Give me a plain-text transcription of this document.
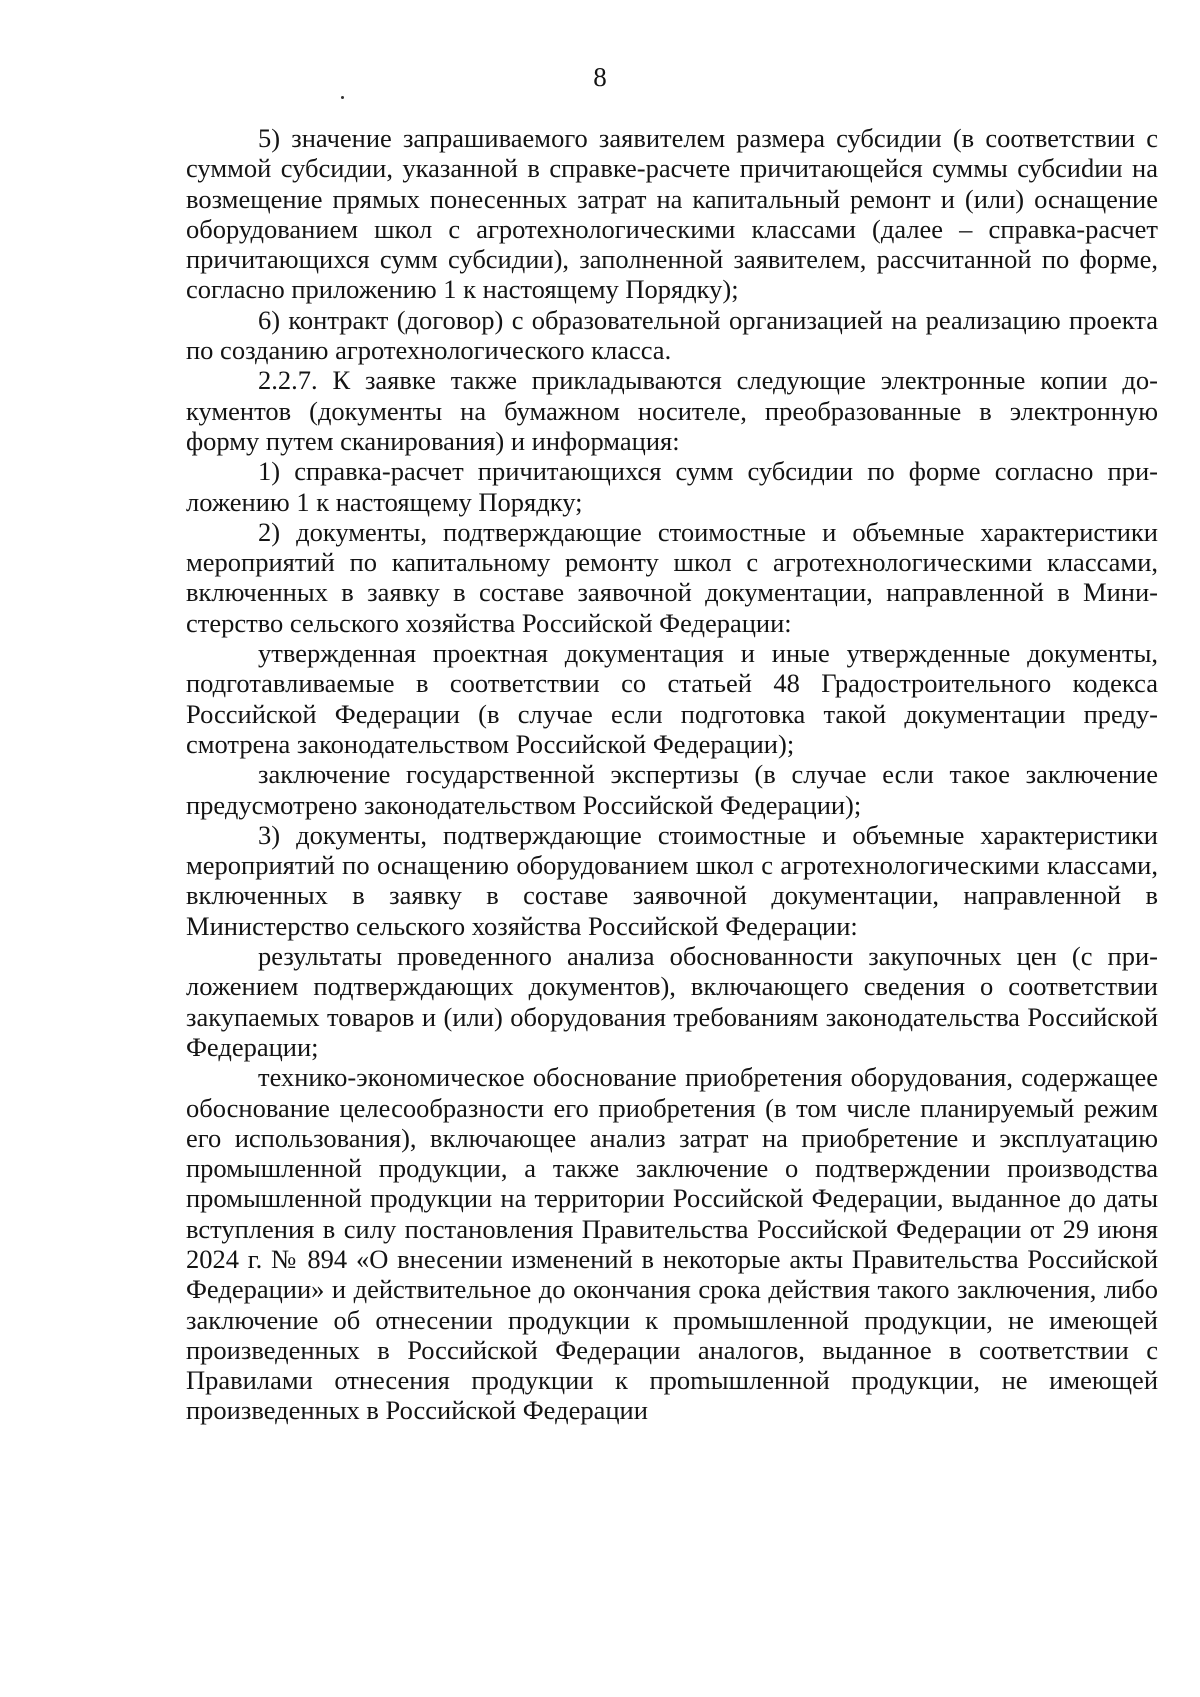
8

5) значение запрашиваемого заявителем размера субсидии (в соответствии с суммой субсидии, указанной в справке-расчете причитающейся суммы субсиdии на возмещение прямых понесенных затрат на капитальный ремонт и (или) оснащение оборудованием школ с агротехнологическими классами (далее – справка-расчет причитающихся сумм субсидии), заполненной заявителем, рассчитанной по форме, согласно приложению 1 к настоящему Порядку);

6) контракт (договор) с образовательной организацией на реализацию проекта по созданию агротехнологического класса.

2.2.7. К заявке также прикладываются следующие электронные копии документов (документы на бумажном носителе, преобразованные в электронную форму путем сканирования) и информация:

1) справка-расчет причитающихся сумм субсидии по форме согласно приложению 1 к настоящему Порядку;

2) документы, подтверждающие стоимостные и объемные характеристики мероприятий по капитальному ремонту школ с агротехнологическими классами, включенных в заявку в составе заявочной документации, направленной в Министерство сельского хозяйства Российской Федерации:

утвержденная проектная документация и иные утвержденные документы, подготавливаемые в соответствии со статьей 48 Градостроительного кодекса Российской Федерации (в случае если подготовка такой документации предусмотрена законодательством Российской Федерации);

заключение государственной экспертизы (в случае если такое заключение предусмотрено законодательством Российской Федерации);

3) документы, подтверждающие стоимостные и объемные характеристики мероприятий по оснащению оборудованием школ с агротехнологическими классами, включенных в заявку в составе заявочной документации, направленной в Министерство сельского хозяйства Российской Федерации:

результаты проведенного анализа обоснованности закупочных цен (с приложением подтверждающих документов), включающего сведения о соответствии закупаемых товаров и (или) оборудования требованиям законодательства Российской Федерации;

технико-экономическое обоснование приобретения оборудования, содержащее обоснование целесообразности его приобретения (в том числе планируемый режим его использования), включающее анализ затрат на приобретение и эксплуатацию промышленной продукции, а также заключение о подтверждении производства промышленной продукции на территории Российской Федерации, выданное до даты вступления в силу постановления Правительства Российской Федерации от 29 июня 2024 г. № 894 «О внесении изменений в некоторые акты Правительства Российской Федерации» и действительное до окончания срока действия такого заключения, либо заключение об отнесении продукции к промышленной продукции, не имеющей произведенных в Российской Федерации аналогов, выданное в соответствии с Правилами отнесения продукции к проmышленной продукции, не имеющей произведенных в Российской Федерации
